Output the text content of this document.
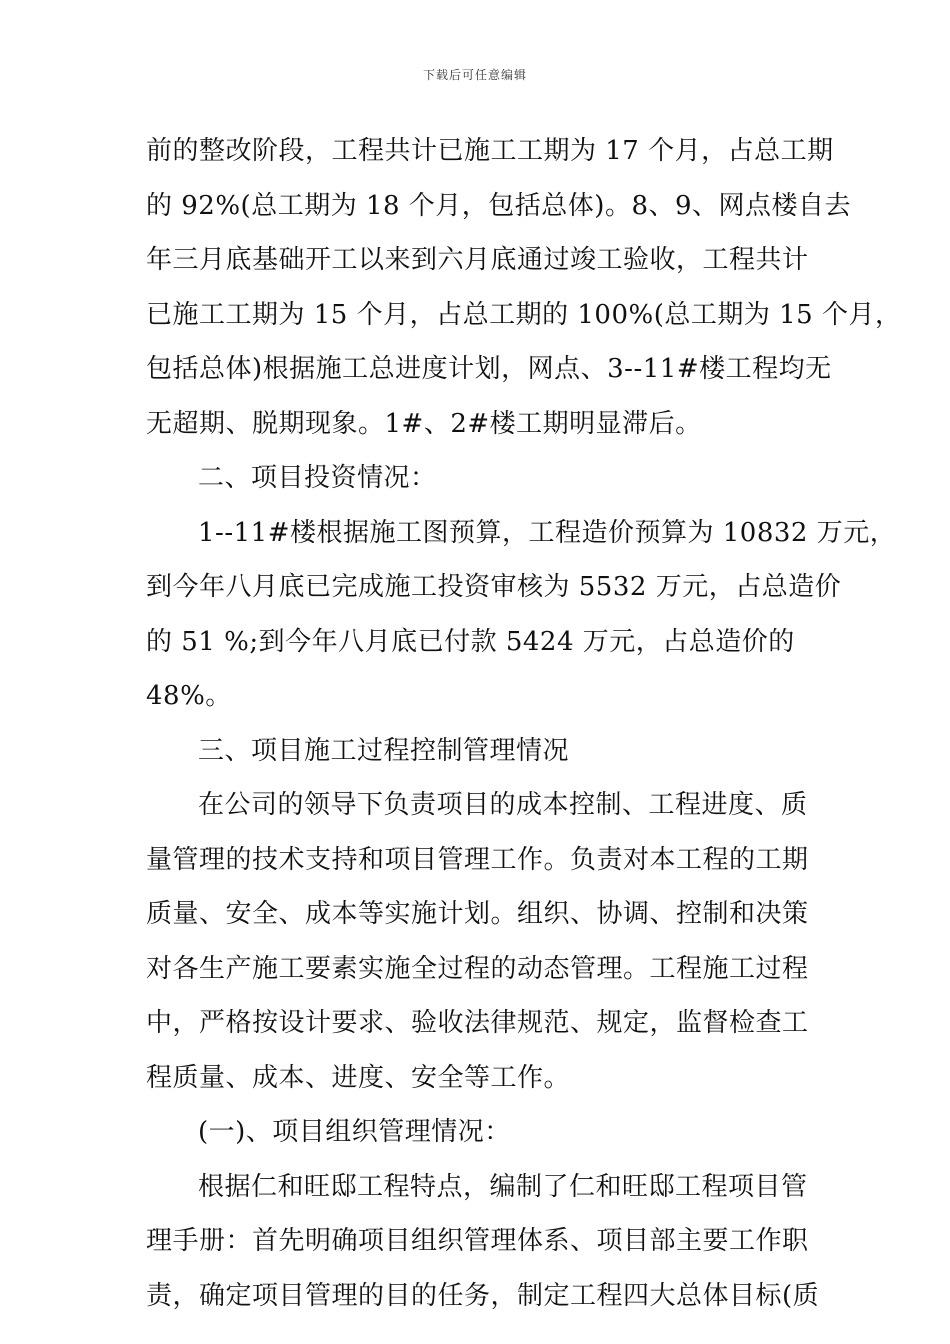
下载后可任意编辑
前的整改阶段，工程共计已施工工期为 17 个月，占总工期
的 92%(总工期为 18 个月，包括总体)。8、9、网点楼自去
年三月底基础开工以来到六月底通过竣工验收，工程共计
已施工工期为 15 个月，占总工期的 100%(总工期为 15 个月，
包括总体)根据施工总进度计划，网点、3--11#楼工程均无
无超期、脱期现象。1#、2#楼工期明显滞后。
二、项目投资情况：
1--11#楼根据施工图预算，工程造价预算为 10832 万元，
到今年八月底已完成施工投资审核为 5532 万元，占总造价
的 51 %;到今年八月底已付款 5424 万元，占总造价的
48%。
三、项目施工过程控制管理情况
在公司的领导下负责项目的成本控制、工程进度、质
量管理的技术支持和项目管理工作。负责对本工程的工期
质量、安全、成本等实施计划。组织、协调、控制和决策
对各生产施工要素实施全过程的动态管理。工程施工过程
中，严格按设计要求、验收法律规范、规定，监督检查工
程质量、成本、进度、安全等工作。
(一)、项目组织管理情况：
根据仁和旺邸工程特点，编制了仁和旺邸工程项目管
理手册：首先明确项目组织管理体系、项目部主要工作职
责，确定项目管理的目的任务，制定工程四大总体目标(质
